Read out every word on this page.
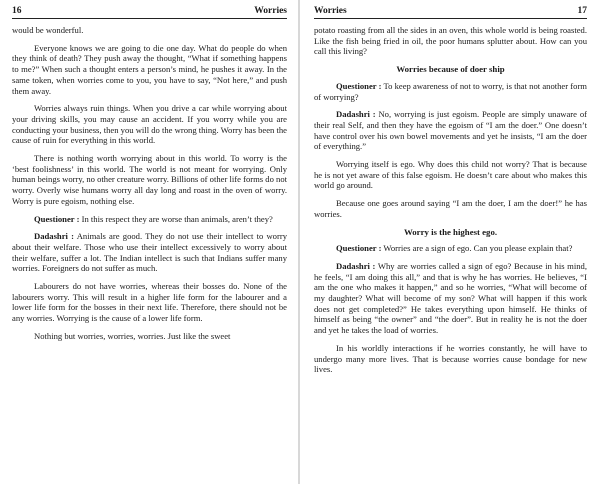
16	Worries

would be wonderful.

Everyone knows we are going to die one day. What do people do when they think of death? They push away the thought, “What if something happens to me?” When such a thought enters a person’s mind, he pushes it away. In the same token, when worries come to you, you have to say, “Not here,” and push them away.

Worries always ruin things. When you drive a car while worrying about your driving skills, you may cause an accident. If you worry while you are conducting your business, then you will do the wrong thing. Worry has been the cause of ruin for everything in this world.

There is nothing worth worrying about in this world. To worry is the ‘best foolishness’ in this world. The world is not meant for worrying. Only human beings worry, no other creature worry. Billions of other life forms do not worry. Overly wise humans worry all day long and roast in the oven of worry. Worry is pure egoism, nothing else.

Questioner : In this respect they are worse than animals, aren’t they?

Dadashri : Animals are good. They do not use their intellect to worry about their welfare. Those who use their intellect excessively to worry about their welfare, suffer a lot. The Indian intellect is such that Indians suffer many worries. Foreigners do not suffer as much.

Labourers do not have worries, whereas their bosses do. None of the labourers worry. This will result in a higher life form for the labourer and a lower life form for the bosses in their next life. Therefore, there should not be any worries. Worrying is the cause of a lower life form.

Nothing but worries, worries, worries. Just like the sweet

Worries	17

potato roasting from all the sides in an oven, this whole world is being roasted. Like the fish being fried in oil, the poor humans splutter about. How can you call this living?

Worries because of doer ship

Questioner : To keep awareness of not to worry, is that not another form of worrying?

Dadashri : No, worrying is just egoism. People are simply unaware of their real Self, and then they have the egoism of “I am the doer.” One doesn’t have control over his own bowel movements and yet he insists, “I am the doer of everything.”

Worrying itself is ego. Why does this child not worry? That is because he is not yet aware of this false egoism. He doesn’t care about who makes this world go around.

Because one goes around saying “I am the doer, I am the doer!” he has worries.

Worry is the highest ego.

Questioner : Worries are a sign of ego. Can you please explain that?

Dadashri : Why are worries called a sign of ego? Because in his mind, he feels, “I am doing this all,” and that is why he has worries. He believes, “I am the one who makes it happen,” and so he worries, “What will become of my daughter? What will become of my son? What will happen if this work does not get completed?” He takes everything upon himself. He thinks of himself as being “the owner” and “the doer”. But in reality he is not the doer and yet he takes the load of worries.

In his worldly interactions if he worries constantly, he will have to undergo many more lives. That is because worries cause bondage for new lives.
